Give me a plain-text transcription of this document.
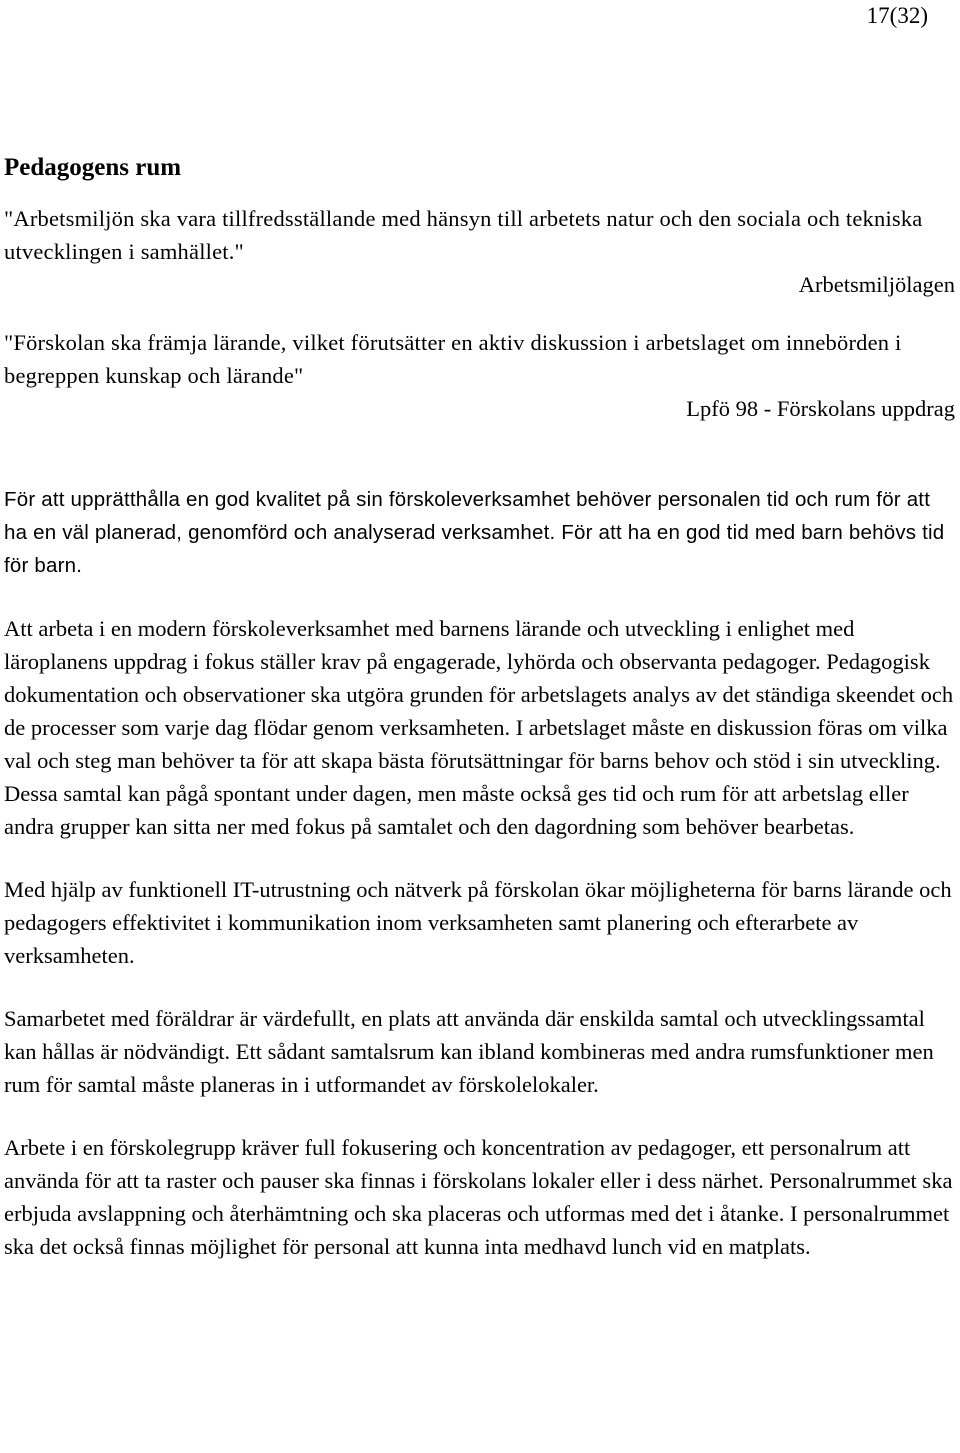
17(32)
Pedagogens rum

"Arbetsmiljön ska vara tillfredsställande med hänsyn till arbetets natur och den sociala och tekniska utvecklingen i samhället."

Arbetsmiljölagen

"Förskolan ska främja lärande, vilket förutsätter en aktiv diskussion i arbetslaget om innebörden i begreppen kunskap och lärande"

Lpfö 98 - Förskolans uppdrag

För att upprätthålla en god kvalitet på sin förskoleverksamhet behöver personalen tid och rum för att ha en väl planerad, genomförd och analyserad verksamhet. För att ha en god tid med barn behövs tid för barn.

Att arbeta i en modern förskoleverksamhet med barnens lärande och utveckling i enlighet med läroplanens uppdrag i fokus ställer krav på engagerade, lyhörda och observanta pedagoger. Pedagogisk dokumentation och observationer ska utgöra grunden för arbetslagets analys av det ständiga skeendet och de processer som varje dag flödar genom verksamheten. I arbetslaget måste en diskussion föras om vilka val och steg man behöver ta för att skapa bästa förutsättningar för barns behov och stöd i sin utveckling. Dessa samtal kan pågå spontant under dagen, men måste också ges tid och rum för att arbetslag eller andra grupper kan sitta ner med fokus på samtalet och den dagordning som behöver bearbetas.

Med hjälp av funktionell IT-utrustning och nätverk på förskolan ökar möjligheterna för barns lärande och pedagogers effektivitet i kommunikation inom verksamheten samt planering och efterarbete av verksamheten.

Samarbetet med föräldrar är värdefullt, en plats att använda där enskilda samtal och utvecklingssamtal kan hållas är nödvändigt. Ett sådant samtalsrum kan ibland kombineras med andra rumsfunktioner men rum för samtal måste planeras in i utformandet av förskolelokaler.

Arbete i en förskolegrupp kräver full fokusering och koncentration av pedagoger, ett personalrum att använda för att ta raster och pauser ska finnas i förskolans lokaler eller i dess närhet. Personalrummet ska erbjuda avslappning och återhämtning och ska placeras och utformas med det i åtanke. I personalrummet ska det också finnas möjlighet för personal att kunna inta medhavd lunch vid en matplats.
